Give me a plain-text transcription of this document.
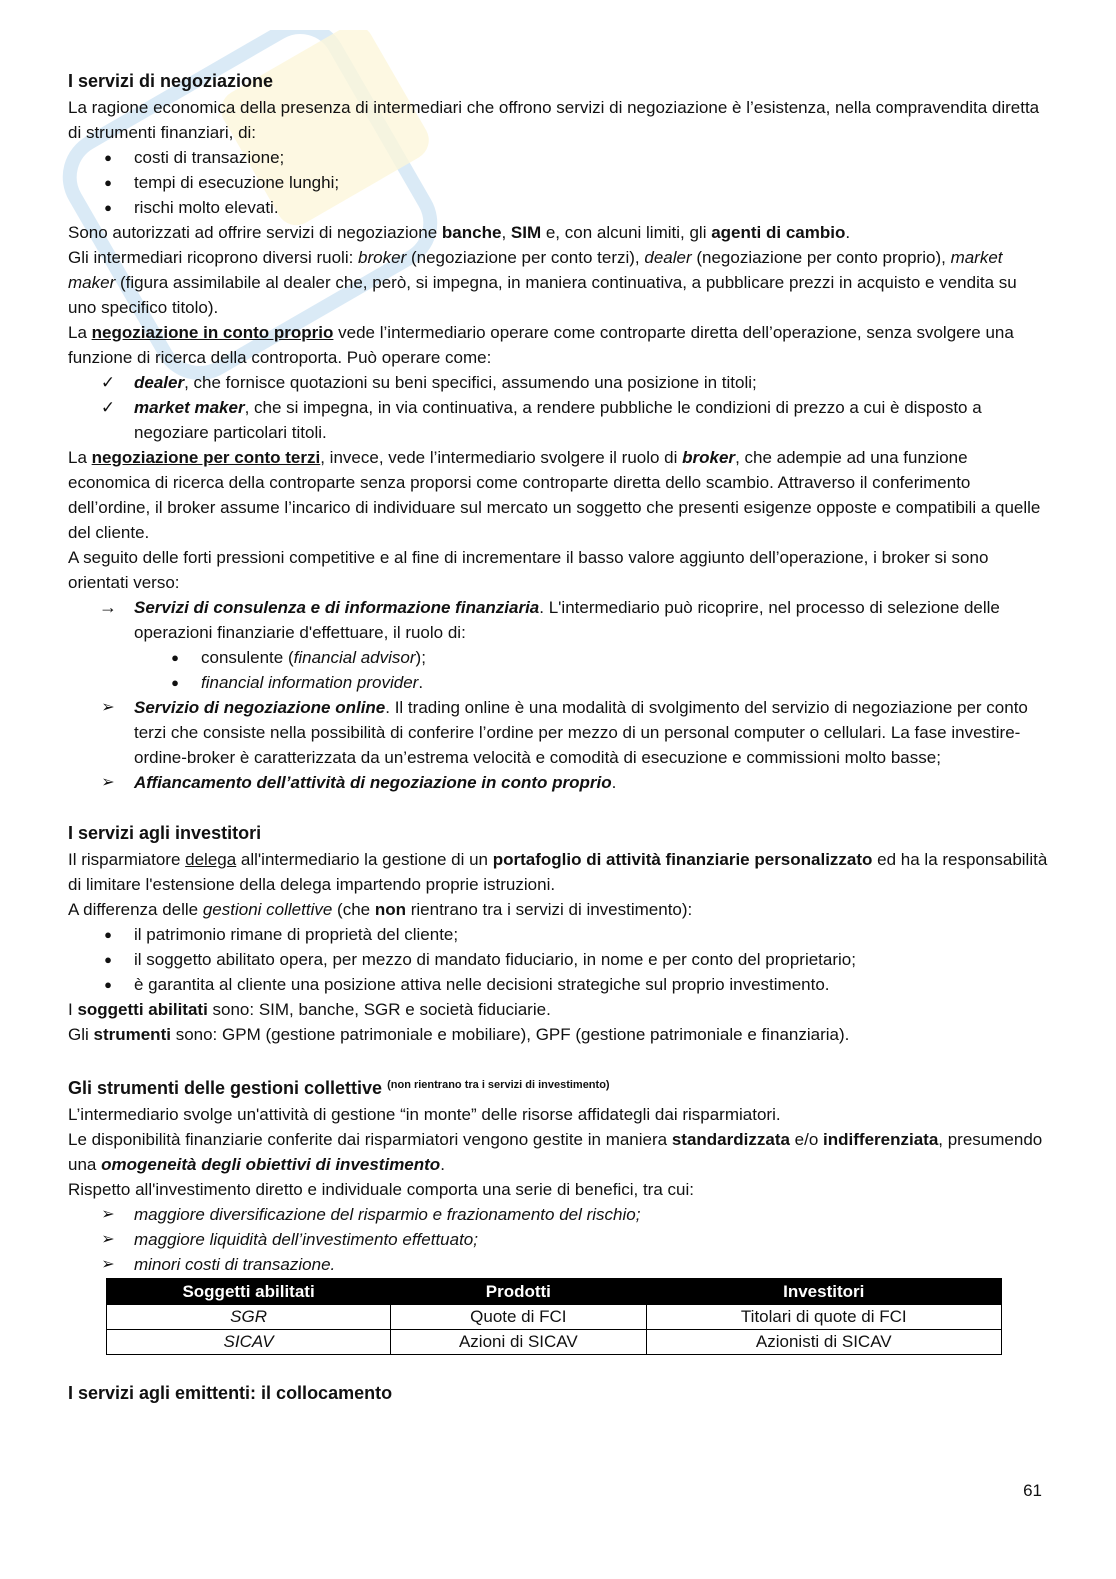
I servizi di negoziazione

La ragione economica della presenza di intermediari che offrono servizi di negoziazione è l’esistenza, nella compravendita diretta di strumenti finanziari, di:

●	costi di transazione;
●	tempi di esecuzione lunghi;
●	rischi molto elevati.

Sono autorizzati ad offrire servizi di negoziazione banche, SIM e, con alcuni limiti, gli agenti di cambio.

Gli intermediari ricoprono diversi ruoli: broker (negoziazione per conto terzi), dealer (negoziazione per conto proprio), market maker (figura assimilabile al dealer che, però, si impegna, in maniera continuativa, a pubblicare prezzi in acquisto e vendita su uno specifico titolo).

La negoziazione in conto proprio vede l’intermediario operare come controparte diretta dell’operazione, senza svolgere una funzione di ricerca della controporta. Può operare come:

✓ dealer, che fornisce quotazioni su beni specifici, assumendo una posizione in titoli;
✓ market maker, che si impegna, in via continuativa, a rendere pubbliche le condizioni di prezzo a cui è disposto a negoziare particolari titoli.

La negoziazione per conto terzi, invece, vede l’intermediario svolgere il ruolo di broker, che adempie ad una funzione economica di ricerca della controparte senza proporsi come controparte diretta dello scambio. Attraverso il conferimento dell’ordine, il broker assume l’incarico di individuare sul mercato un soggetto che presenti esigenze opposte e compatibili a quelle del cliente.

A seguito delle forti pressioni competitive e al fine di incrementare il basso valore aggiunto dell’operazione, i broker si sono orientati verso:

→ Servizi di consulenza e di informazione finanziaria. L'intermediario può ricoprire, nel processo di selezione delle operazioni finanziarie d'effettuare, il ruolo di:
●	consulente (financial advisor);
●	financial information provider.
➢ Servizio di negoziazione online. Il trading online è una modalità di svolgimento del servizio di negoziazione per conto terzi che consiste nella possibilità di conferire l’ordine per mezzo di un personal computer o cellulari. La fase investire-ordine-broker è caratterizzata da un’estrema velocità e comodità di esecuzione e commissioni molto basse;
➢ Affiancamento dell’attività di negoziazione in conto proprio.
I servizi agli investitori

Il risparmiatore delega all'intermediario la gestione di un portafoglio di attività finanziarie personalizzato ed ha la responsabilità di limitare l'estensione della delega impartendo proprie istruzioni.

A differenza delle gestioni collettive (che non rientrano tra i servizi di investimento):

●	il patrimonio rimane di proprietà del cliente;
●	il soggetto abilitato opera, per mezzo di mandato fiduciario, in nome e per conto del proprietario;
●	è garantita al cliente una posizione attiva nelle decisioni strategiche sul proprio investimento.

I soggetti abilitati sono: SIM, banche, SGR e società fiduciarie.

Gli strumenti sono: GPM (gestione patrimoniale e mobiliare), GPF (gestione patrimoniale e finanziaria).

Gli strumenti delle gestioni collettive $^{(non rientrano tra i servizi di investimento)}$

L’intermediario svolge un'attività di gestione “in monte” delle risorse affidategli dai risparmiatori.

Le disponibilità finanziarie conferite dai risparmiatori vengono gestite in maniera standardizzata e/o indifferenziata, presumendo una omogeneità degli obiettivi di investimento.

Rispetto all'investimento diretto e individuale comporta una serie di benefici, tra cui:

➢ maggiore diversificazione del risparmio e frazionamento del rischio;
➢ maggiore liquidità dell’investimento effettuato;
➢ minori costi di transazione.
Soggetti abilitati	Prodotti	Investitori
SGR	Quote di FCI	Titolari di quote di FCI
SICAV	Azioni di SICAV	Azionisti di SICAV
I servizi agli emittenti: il collocamento
61
